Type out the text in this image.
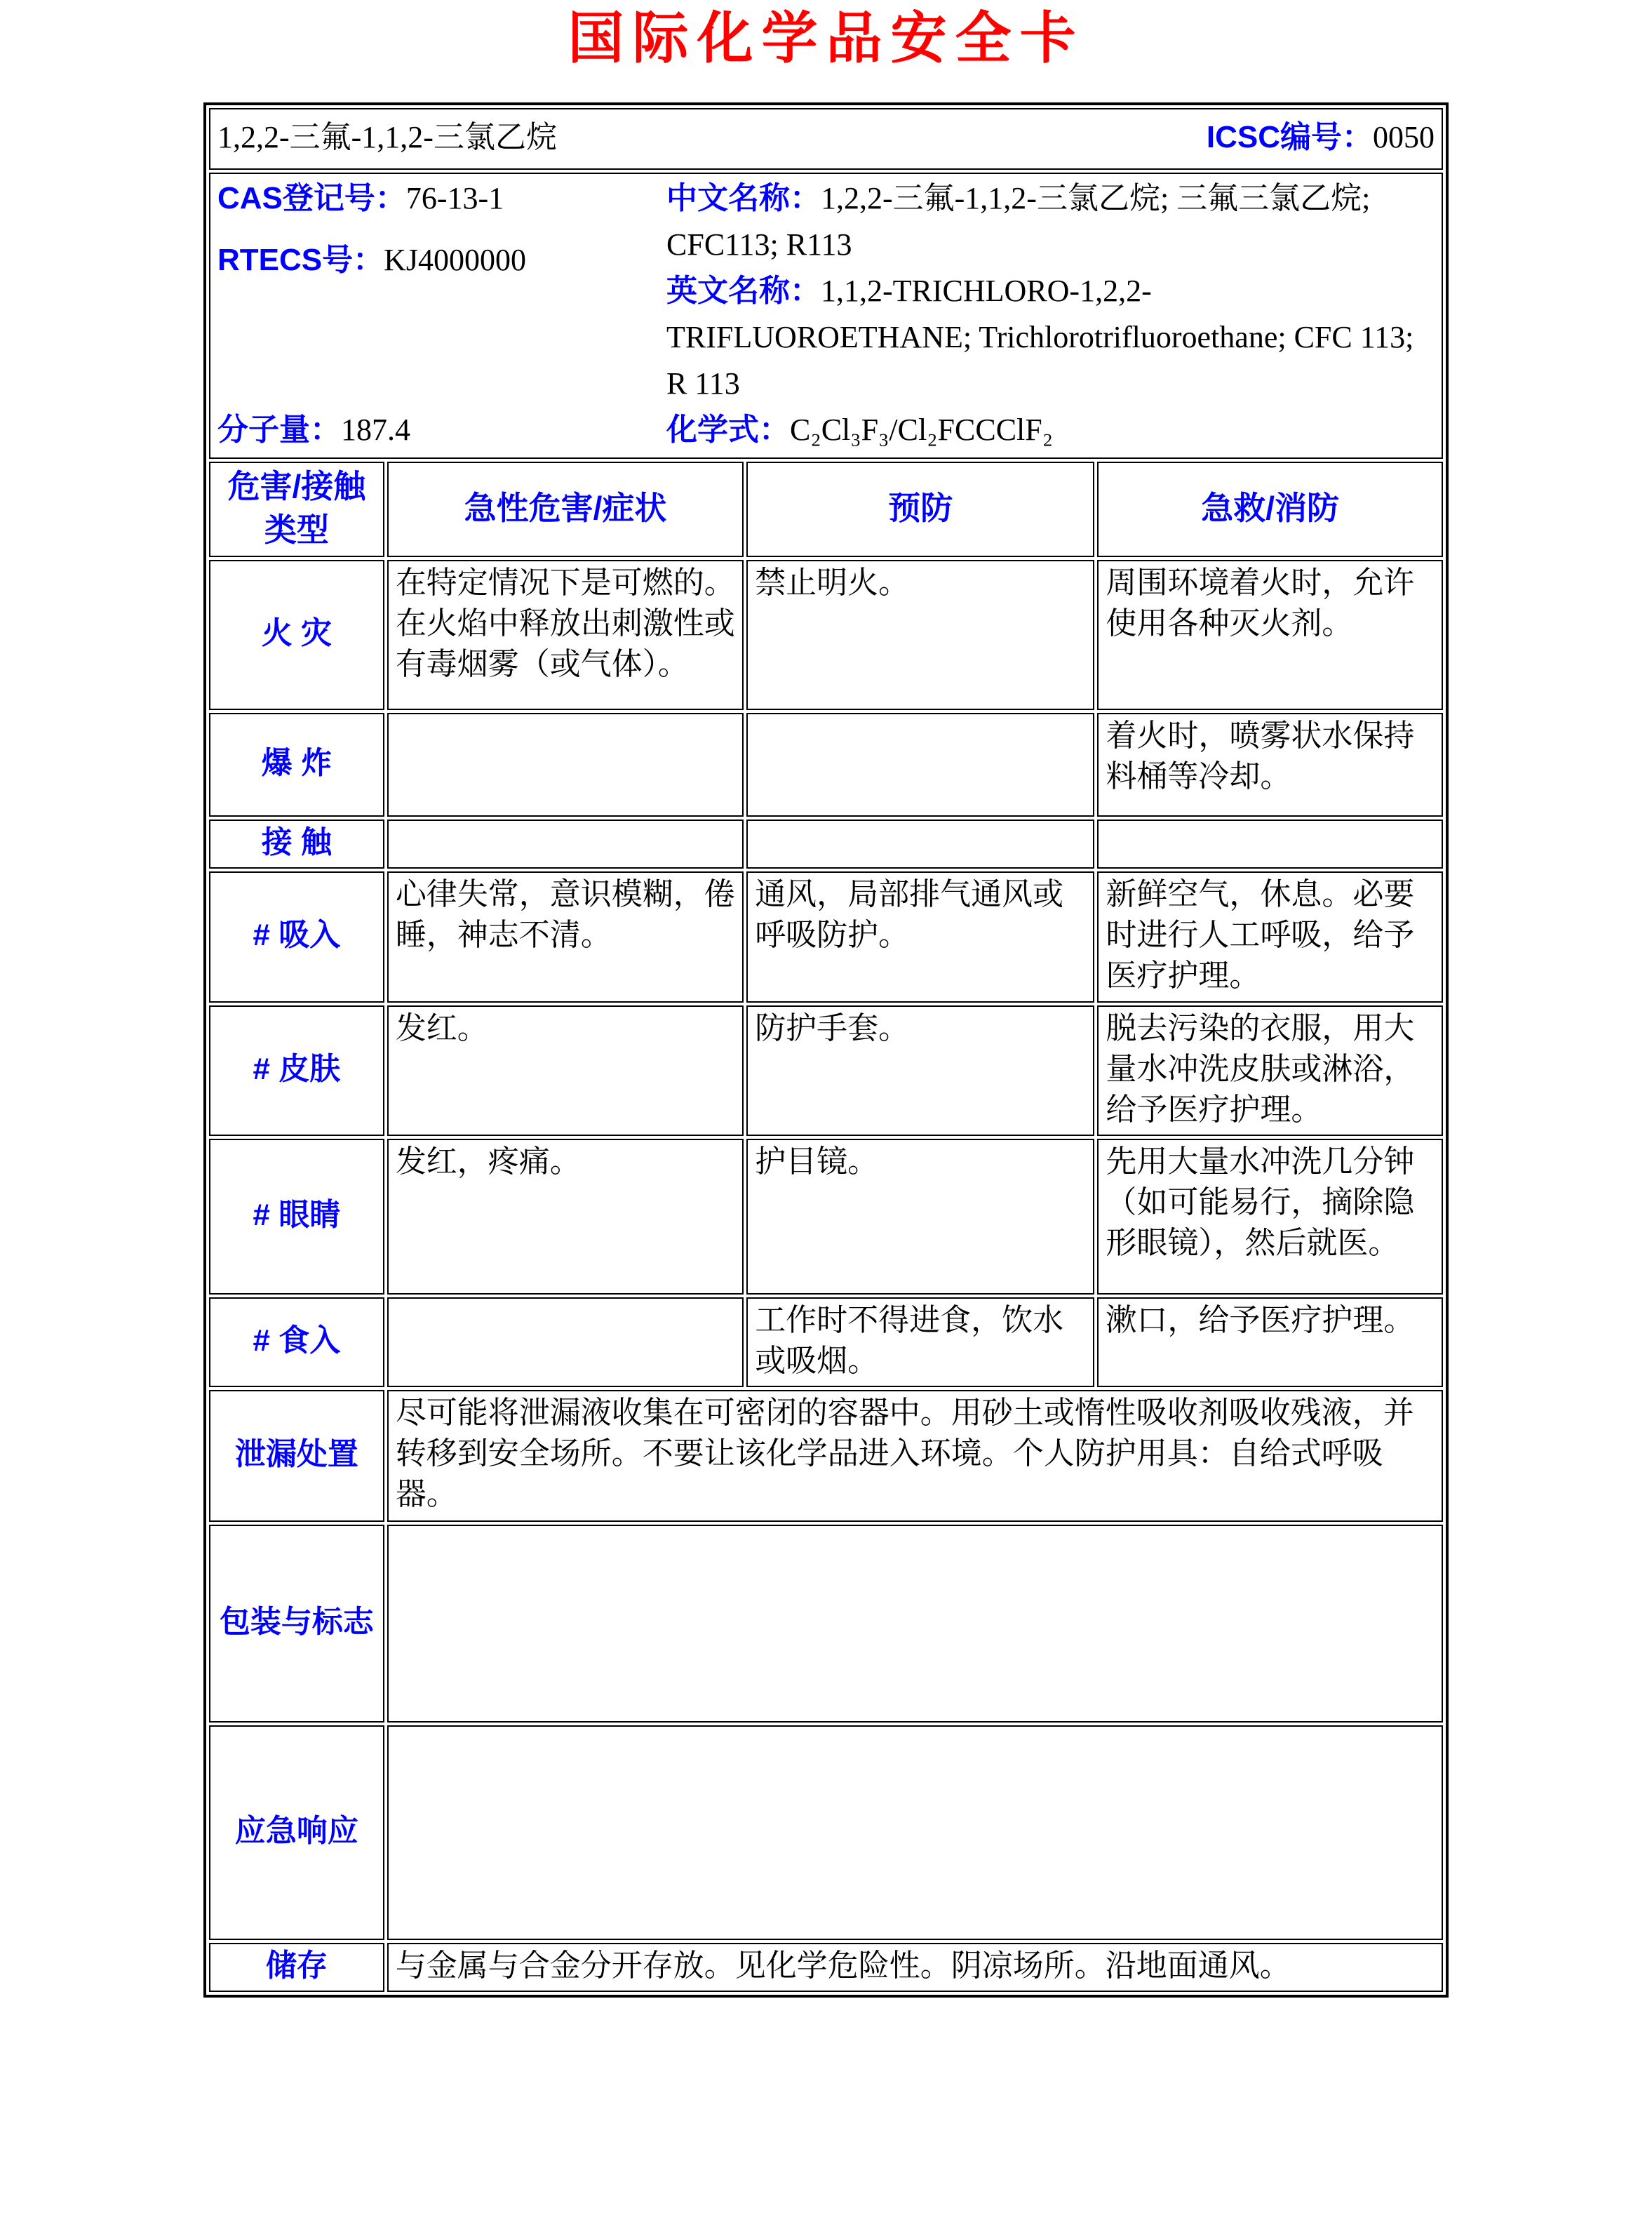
国际化学品安全卡
1,2,2-三氟-1,1,2-三氯乙烷 ICSC编号：0050			

CAS登记号：76-13-1
RTECS号：KJ4000000
分子量：187.4
中文名称：1,2,2-三氟-1,1,2-三氯乙烷; 三氟三氯乙烷; CFC113; R113
英文名称：1,1,2-TRICHLORO-1,2,2-TRIFLUOROETHANE; Trichlorotrifluoroethane; CFC 113; R 113
化学式：C₂Cl₃F₃/Cl₂FCCClF₂

危害/接触类型	急性危害/症状	预防	急救/消防
火 灾	在特定情况下是可燃的。在火焰中释放出刺激性或有毒烟雾（或气体）。	禁止明火。	周围环境着火时，允许使用各种灭火剂。
爆 炸			着火时，喷雾状水保持料桶等冷却。
接 触			
# 吸入	心律失常，意识模糊，倦睡，神志不清。	通风，局部排气通风或呼吸防护。	新鲜空气，休息。必要时进行人工呼吸，给予医疗护理。
# 皮肤	发红。	防护手套。	脱去污染的衣服，用大量水冲洗皮肤或淋浴，给予医疗护理。
# 眼睛	发红，疼痛。	护目镜。	先用大量水冲洗几分钟（如可能易行，摘除隐形眼镜），然后就医。
# 食入		工作时不得进食，饮水或吸烟。	漱口，给予医疗护理。
泄漏处置	尽可能将泄漏液收集在可密闭的容器中。用砂土或惰性吸收剂吸收残液，并转移到安全场所。不要让该化学品进入环境。个人防护用具：自给式呼吸器。		
包装与标志			
应急响应			
储存	与金属与合金分开存放。见化学危险性。阴凉场所。沿地面通风。		
